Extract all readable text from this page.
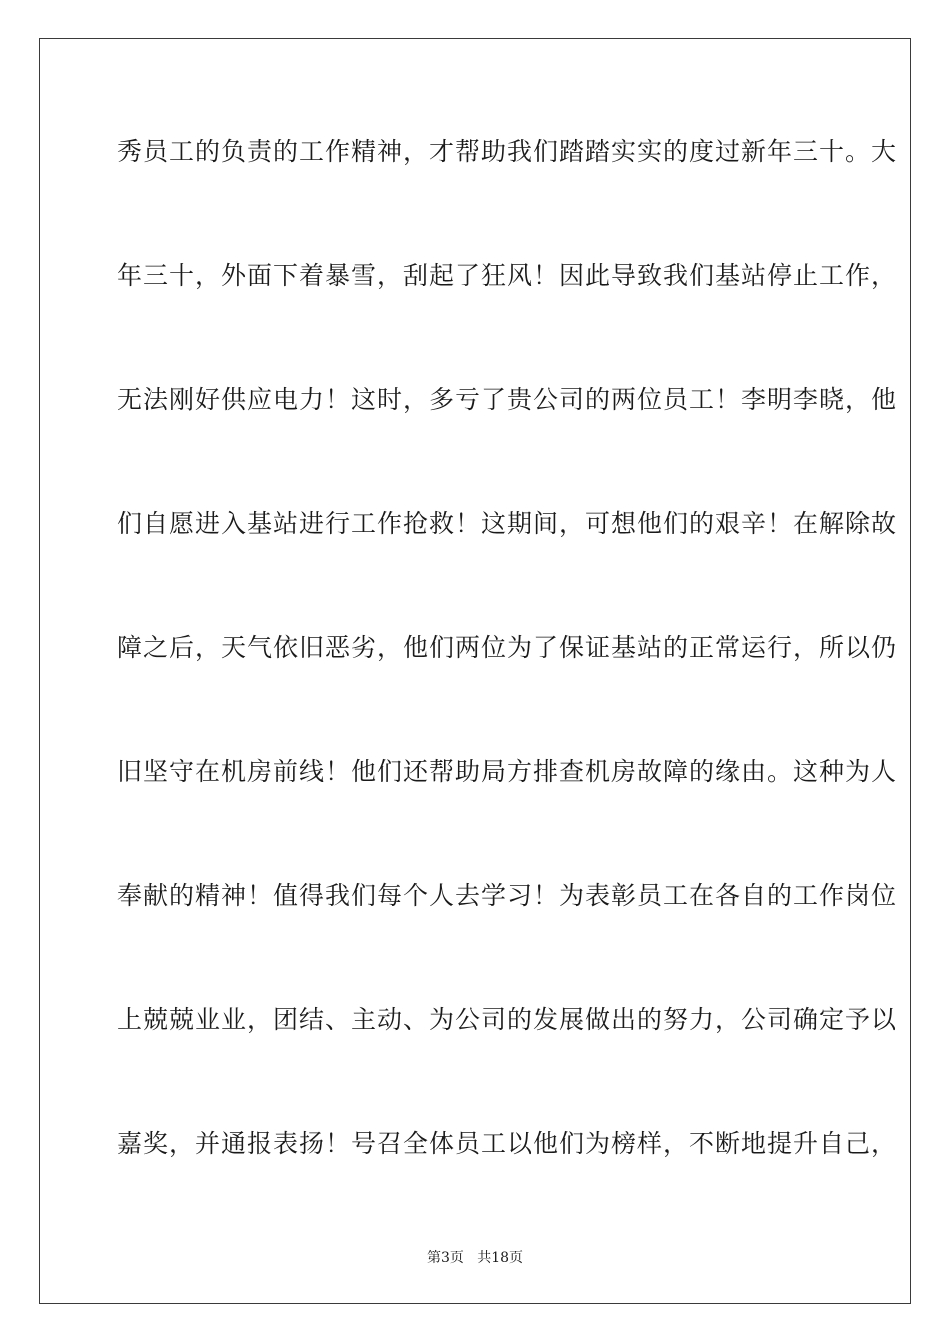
秀员工的负责的工作精神，才帮助我们踏踏实实的度过新年三十。大
年三十，外面下着暴雪，刮起了狂风！因此导致我们基站停止工作，
无法刚好供应电力！这时，多亏了贵公司的两位员工！李明李晓，他
们自愿进入基站进行工作抢救！这期间，可想他们的艰辛！在解除故
障之后，天气依旧恶劣，他们两位为了保证基站的正常运行，所以仍
旧坚守在机房前线！他们还帮助局方排查机房故障的缘由。这种为人
奉献的精神！值得我们每个人去学习！为表彰员工在各自的工作岗位
上兢兢业业，团结、主动、为公司的发展做出的努力，公司确定予以
嘉奖，并通报表扬！号召全体员工以他们为榜样，不断地提升自己，
第3页   共18页
